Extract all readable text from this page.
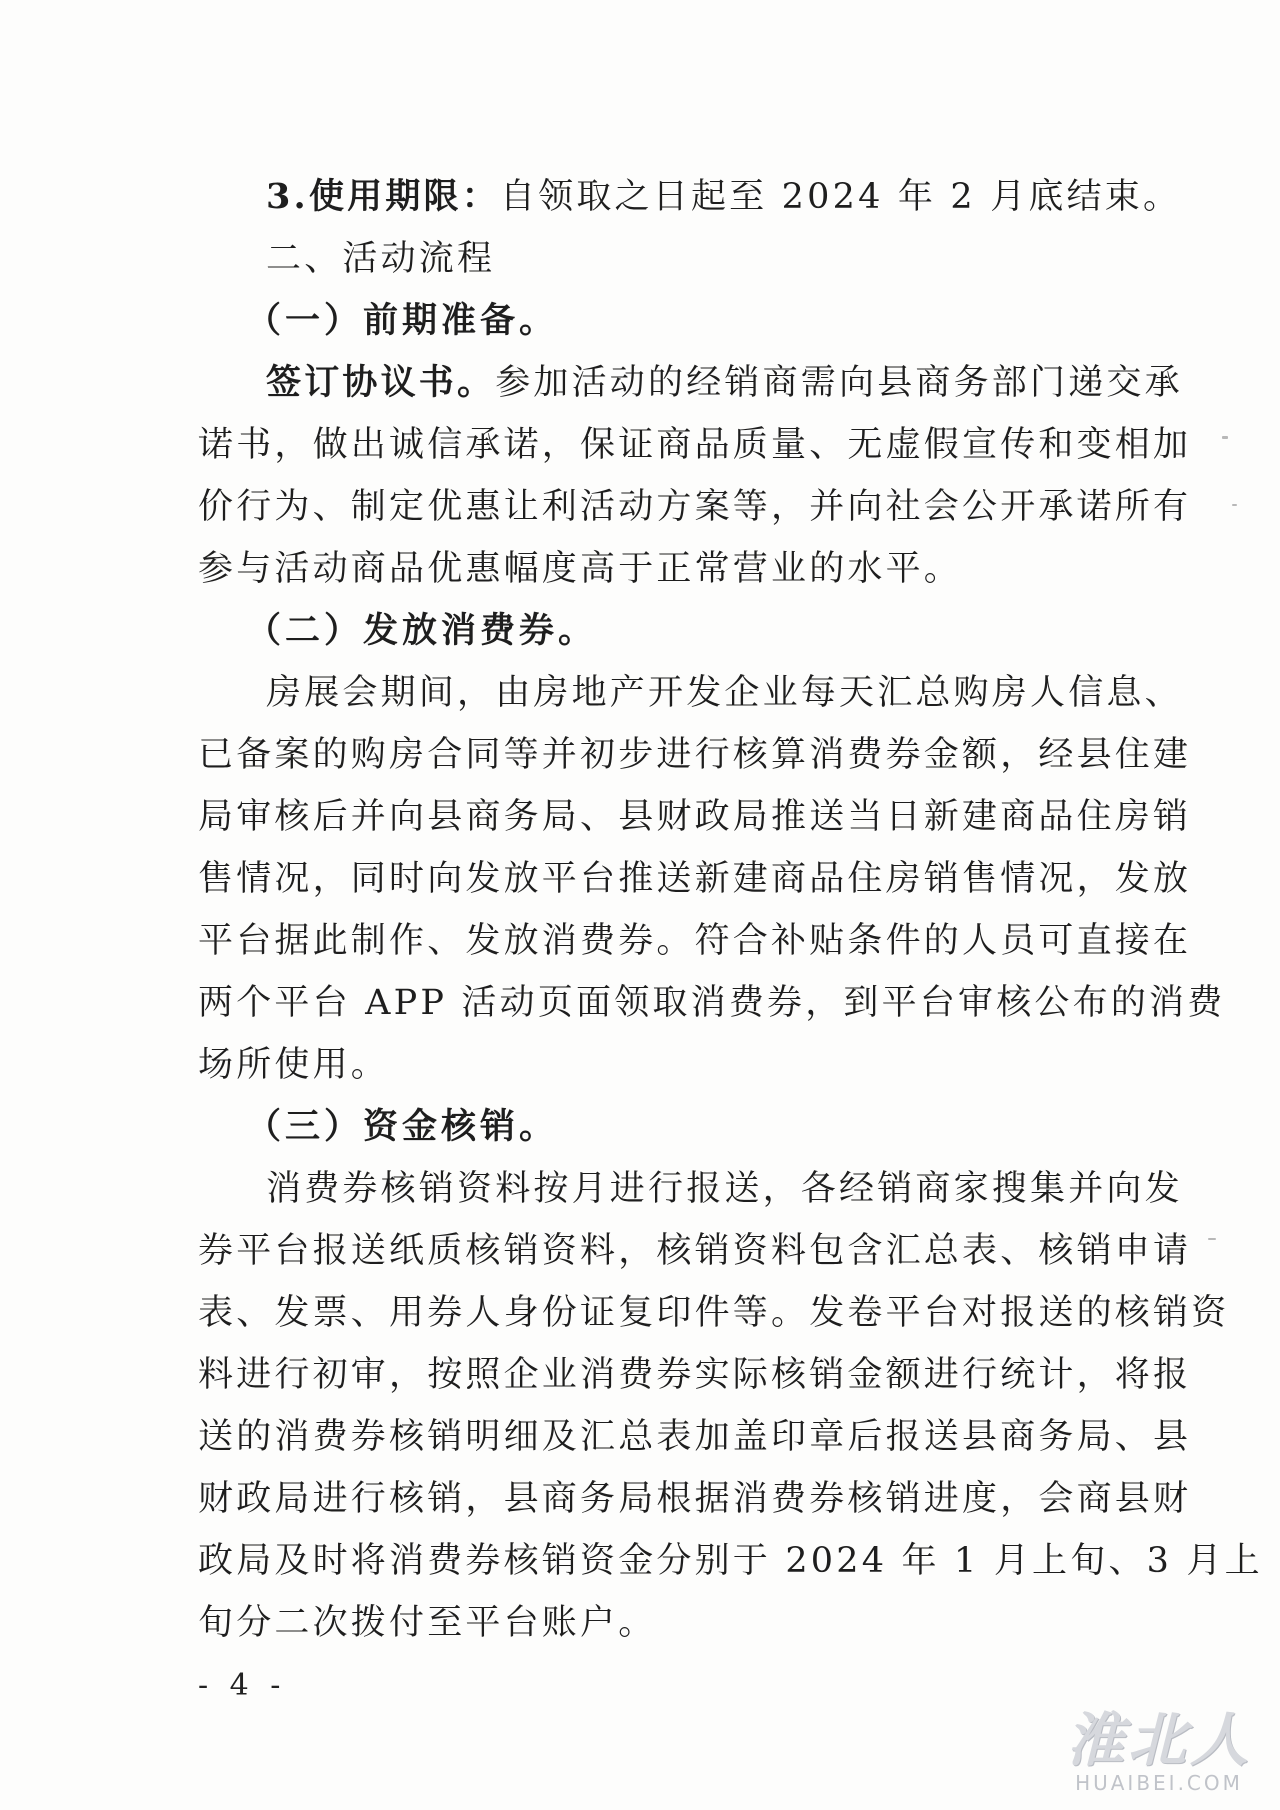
3.使用期限：自领取之日起至 2024 年 2 月底结束。
二、活动流程
（一）前期准备。
签订协议书。参加活动的经销商需向县商务部门递交承
诺书，做出诚信承诺，保证商品质量、无虚假宣传和变相加
价行为、制定优惠让利活动方案等，并向社会公开承诺所有
参与活动商品优惠幅度高于正常营业的水平。
（二）发放消费券。
房展会期间，由房地产开发企业每天汇总购房人信息、
已备案的购房合同等并初步进行核算消费券金额，经县住建
局审核后并向县商务局、县财政局推送当日新建商品住房销
售情况，同时向发放平台推送新建商品住房销售情况，发放
平台据此制作、发放消费券。符合补贴条件的人员可直接在
两个平台 APP 活动页面领取消费券，到平台审核公布的消费
场所使用。
（三）资金核销。
消费券核销资料按月进行报送，各经销商家搜集并向发
券平台报送纸质核销资料，核销资料包含汇总表、核销申请
表、发票、用券人身份证复印件等。发卷平台对报送的核销资
料进行初审，按照企业消费券实际核销金额进行统计，将报
送的消费券核销明细及汇总表加盖印章后报送县商务局、县
财政局进行核销，县商务局根据消费券核销进度，会商县财
政局及时将消费券核销资金分别于 2024 年 1 月上旬、3 月上
旬分二次拨付至平台账户。
- 4 -
淮北人
HUAIBEI.COM
